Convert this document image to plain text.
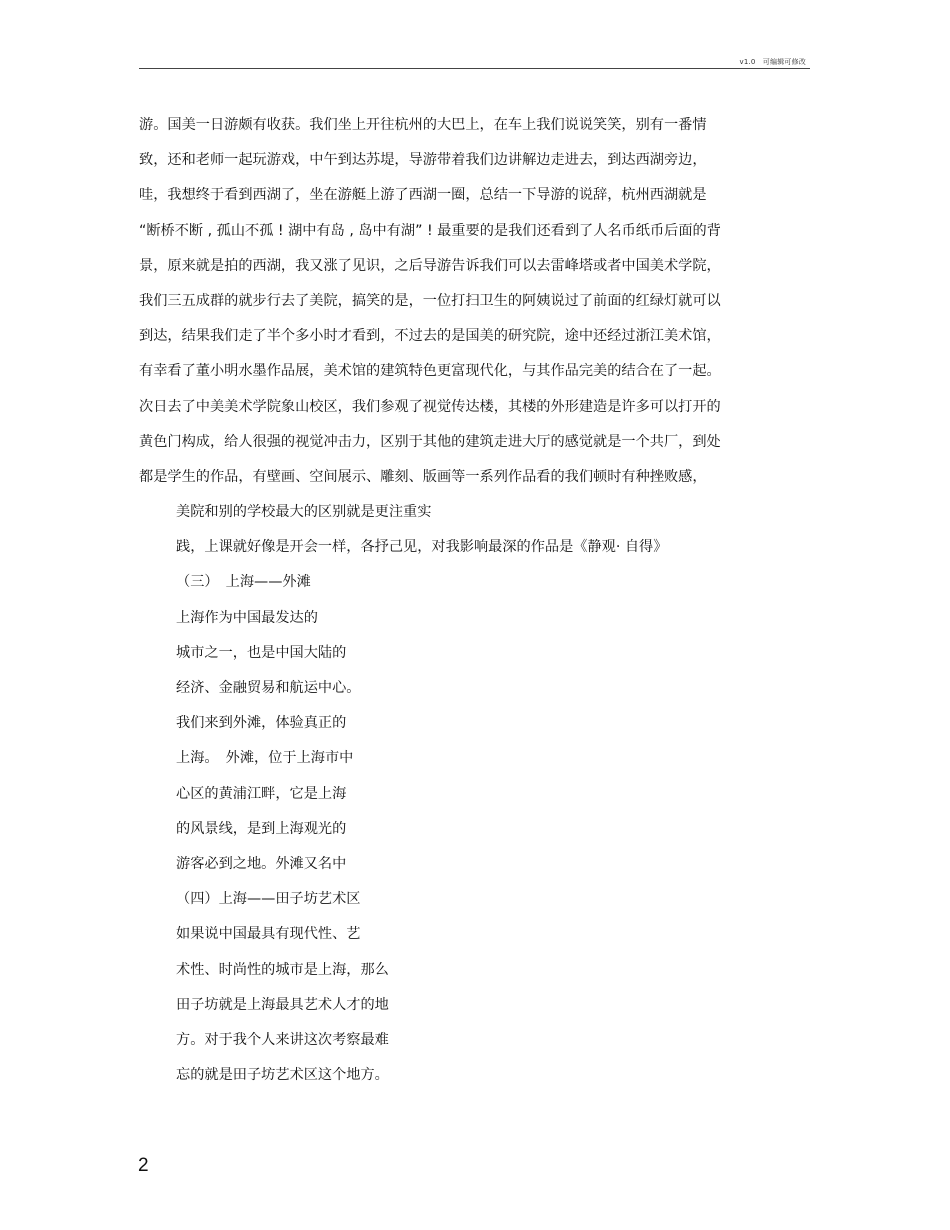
v1.0　可编辑可修改
游。国美一日游颇有收获。我们坐上开往杭州的大巴上，在车上我们说说笑笑，别有一番情
致，还和老师一起玩游戏，中午到达苏堤，导游带着我们边讲解边走进去，到达西湖旁边，
哇，我想终于看到西湖了，坐在游艇上游了西湖一圈，总结一下导游的说辞，杭州西湖就是
“断桥不断 , 孤山不孤 ! 湖中有岛 , 岛中有湖” ! 最重要的是我们还看到了人名币纸币后面的背
景，原来就是拍的西湖，我又涨了见识，之后导游告诉我们可以去雷峰塔或者中国美术学院，
我们三五成群的就步行去了美院，搞笑的是，一位打扫卫生的阿姨说过了前面的红绿灯就可以
到达，结果我们走了半个多小时才看到，不过去的是国美的研究院，途中还经过浙江美术馆，
有幸看了董小明水墨作品展，美术馆的建筑特色更富现代化，与其作品完美的结合在了一起。
次日去了中美美术学院象山校区，我们参观了视觉传达楼，其楼的外形建造是许多可以打开的
黄色门构成，给人很强的视觉冲击力，区别于其他的建筑走进大厅的感觉就是一个共厂，到处
都是学生的作品，有壁画、空间展示、雕刻、版画等一系列作品看的我们顿时有种挫败感，
美院和别的学校最大的区别就是更注重实
践，上课就好像是开会一样，各抒己见，对我影响最深的作品是《静观· 自得》
（三）　上海——外滩
上海作为中国最发达的
城市之一，也是中国大陆的
经济、金融贸易和航运中心。
我们来到外滩，体验真正的
上海。　外滩，位于上海市中
心区的黄浦江畔，它是上海
的风景线，是到上海观光的
游客必到之地。外滩又名中
（四）上海——田子坊艺术区
如果说中国最具有现代性、艺
术性、时尚性的城市是上海，那么
田子坊就是上海最具艺术人才的地
方。对于我个人来讲这次考察最难
忘的就是田子坊艺术区这个地方。
2
